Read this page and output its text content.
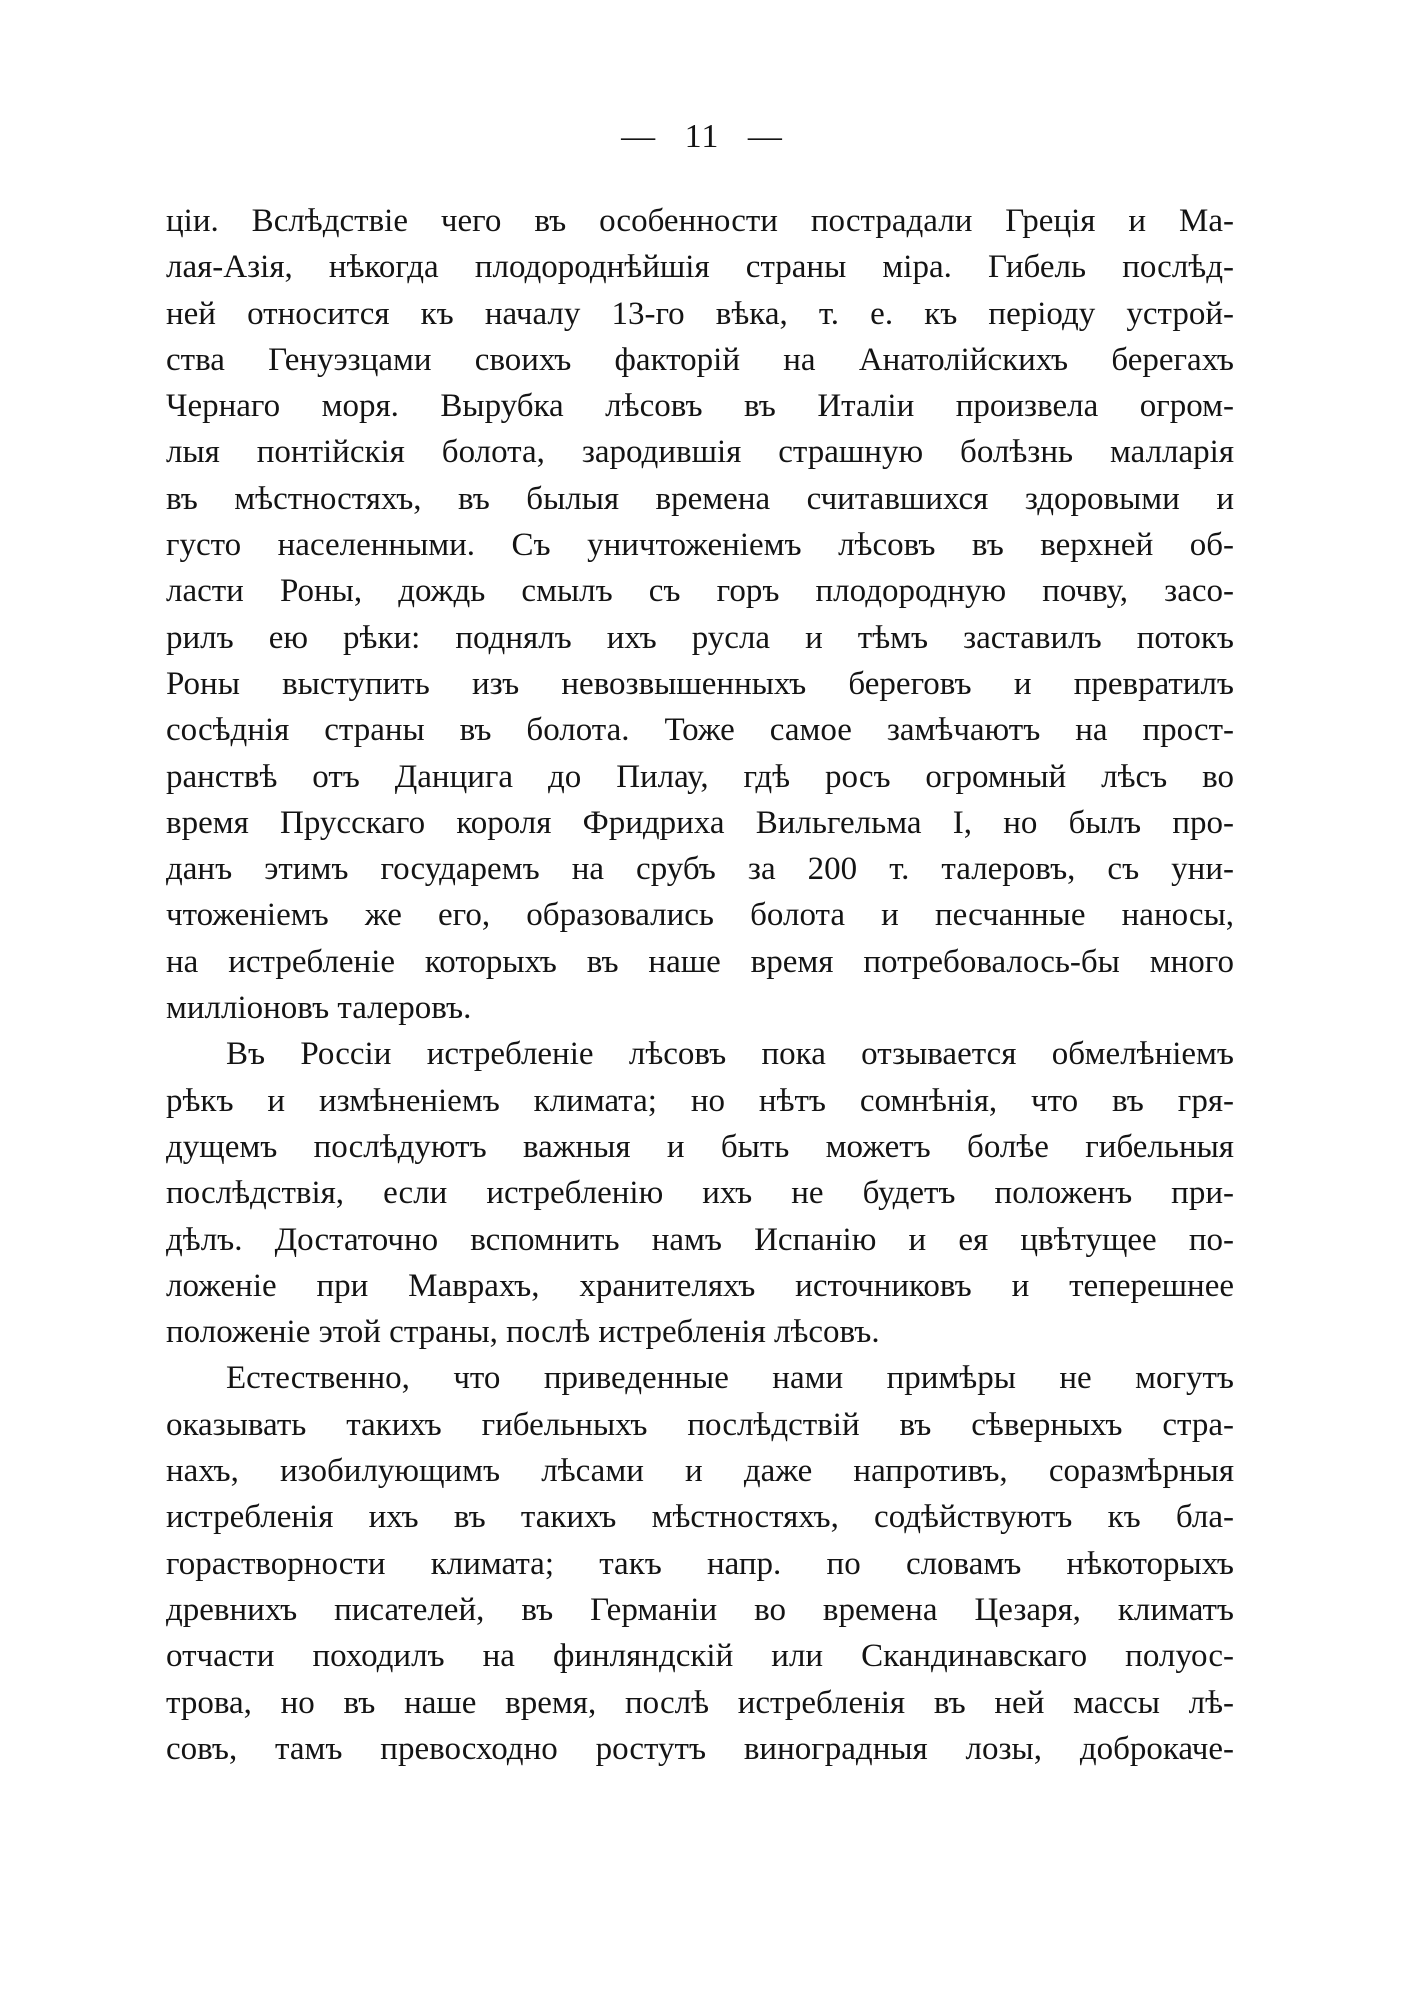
—   11   —
ціи. Вслѣдствіе чего въ особенности пострадали Греція и Ма-
лая-Азія, нѣкогда плодороднѣйшія страны міра. Гибель послѣд-
ней относится къ началу 13-го вѣка, т. е. къ періоду устрой-
ства Генуэзцами своихъ факторій на Анатолійскихъ берегахъ
Чернаго моря. Вырубка лѣсовъ въ Италіи произвела огром-
лыя понтійскія болота, зародившія страшную болѣзнь малларія
въ мѣстностяхъ, въ былыя времена считавшихся здоровыми и
густо населенными. Съ уничтоженіемъ лѣсовъ въ верхней об-
ласти Роны, дождь смылъ съ горъ плодородную почву, засо-
рилъ ею рѣки: поднялъ ихъ русла и тѣмъ заставилъ потокъ
Роны выступить изъ невозвышенныхъ береговъ и превратилъ
сосѣднія страны въ болота. Тоже самое замѣчаютъ на прост-
ранствѣ отъ Данцига до Пилау, гдѣ росъ огромный лѣсъ во
время Прусскаго короля Фридриха Вильгельма I, но былъ про-
данъ этимъ государемъ на срубъ за 200 т. талеровъ, съ уни-
чтоженіемъ же его, образовались болота и песчанные наносы,
на истребленіе которыхъ въ наше время потребовалось-бы много
милліоновъ талеровъ.
Въ Россіи истребленіе лѣсовъ пока отзывается обмелѣніемъ
рѣкъ и измѣненіемъ климата; но нѣтъ сомнѣнія, что въ гря-
дущемъ послѣдуютъ важныя и быть можетъ болѣе гибельныя
послѣдствія, если истребленію ихъ не будетъ положенъ при-
дѣлъ. Достаточно вспомнить намъ Испанію и ея цвѣтущее по-
ложеніе при Маврахъ, хранителяхъ источниковъ и теперешнее
положеніе этой страны, послѣ истребленія лѣсовъ.
Естественно, что приведенные нами примѣры не могутъ
оказывать такихъ гибельныхъ послѣдствій въ сѣверныхъ стра-
нахъ, изобилующимъ лѣсами и даже напротивъ, соразмѣрныя
истребленія ихъ въ такихъ мѣстностяхъ, содѣйствуютъ къ бла-
горастворности климата; такъ напр. по словамъ нѣкоторыхъ
древнихъ писателей, въ Германіи во времена Цезаря, климатъ
отчасти походилъ на финляндскій или Скандинавскаго полуос-
трова, но въ наше время, послѣ истребленія въ ней массы лѣ-
совъ, тамъ превосходно ростутъ виноградныя лозы, доброкаче-
